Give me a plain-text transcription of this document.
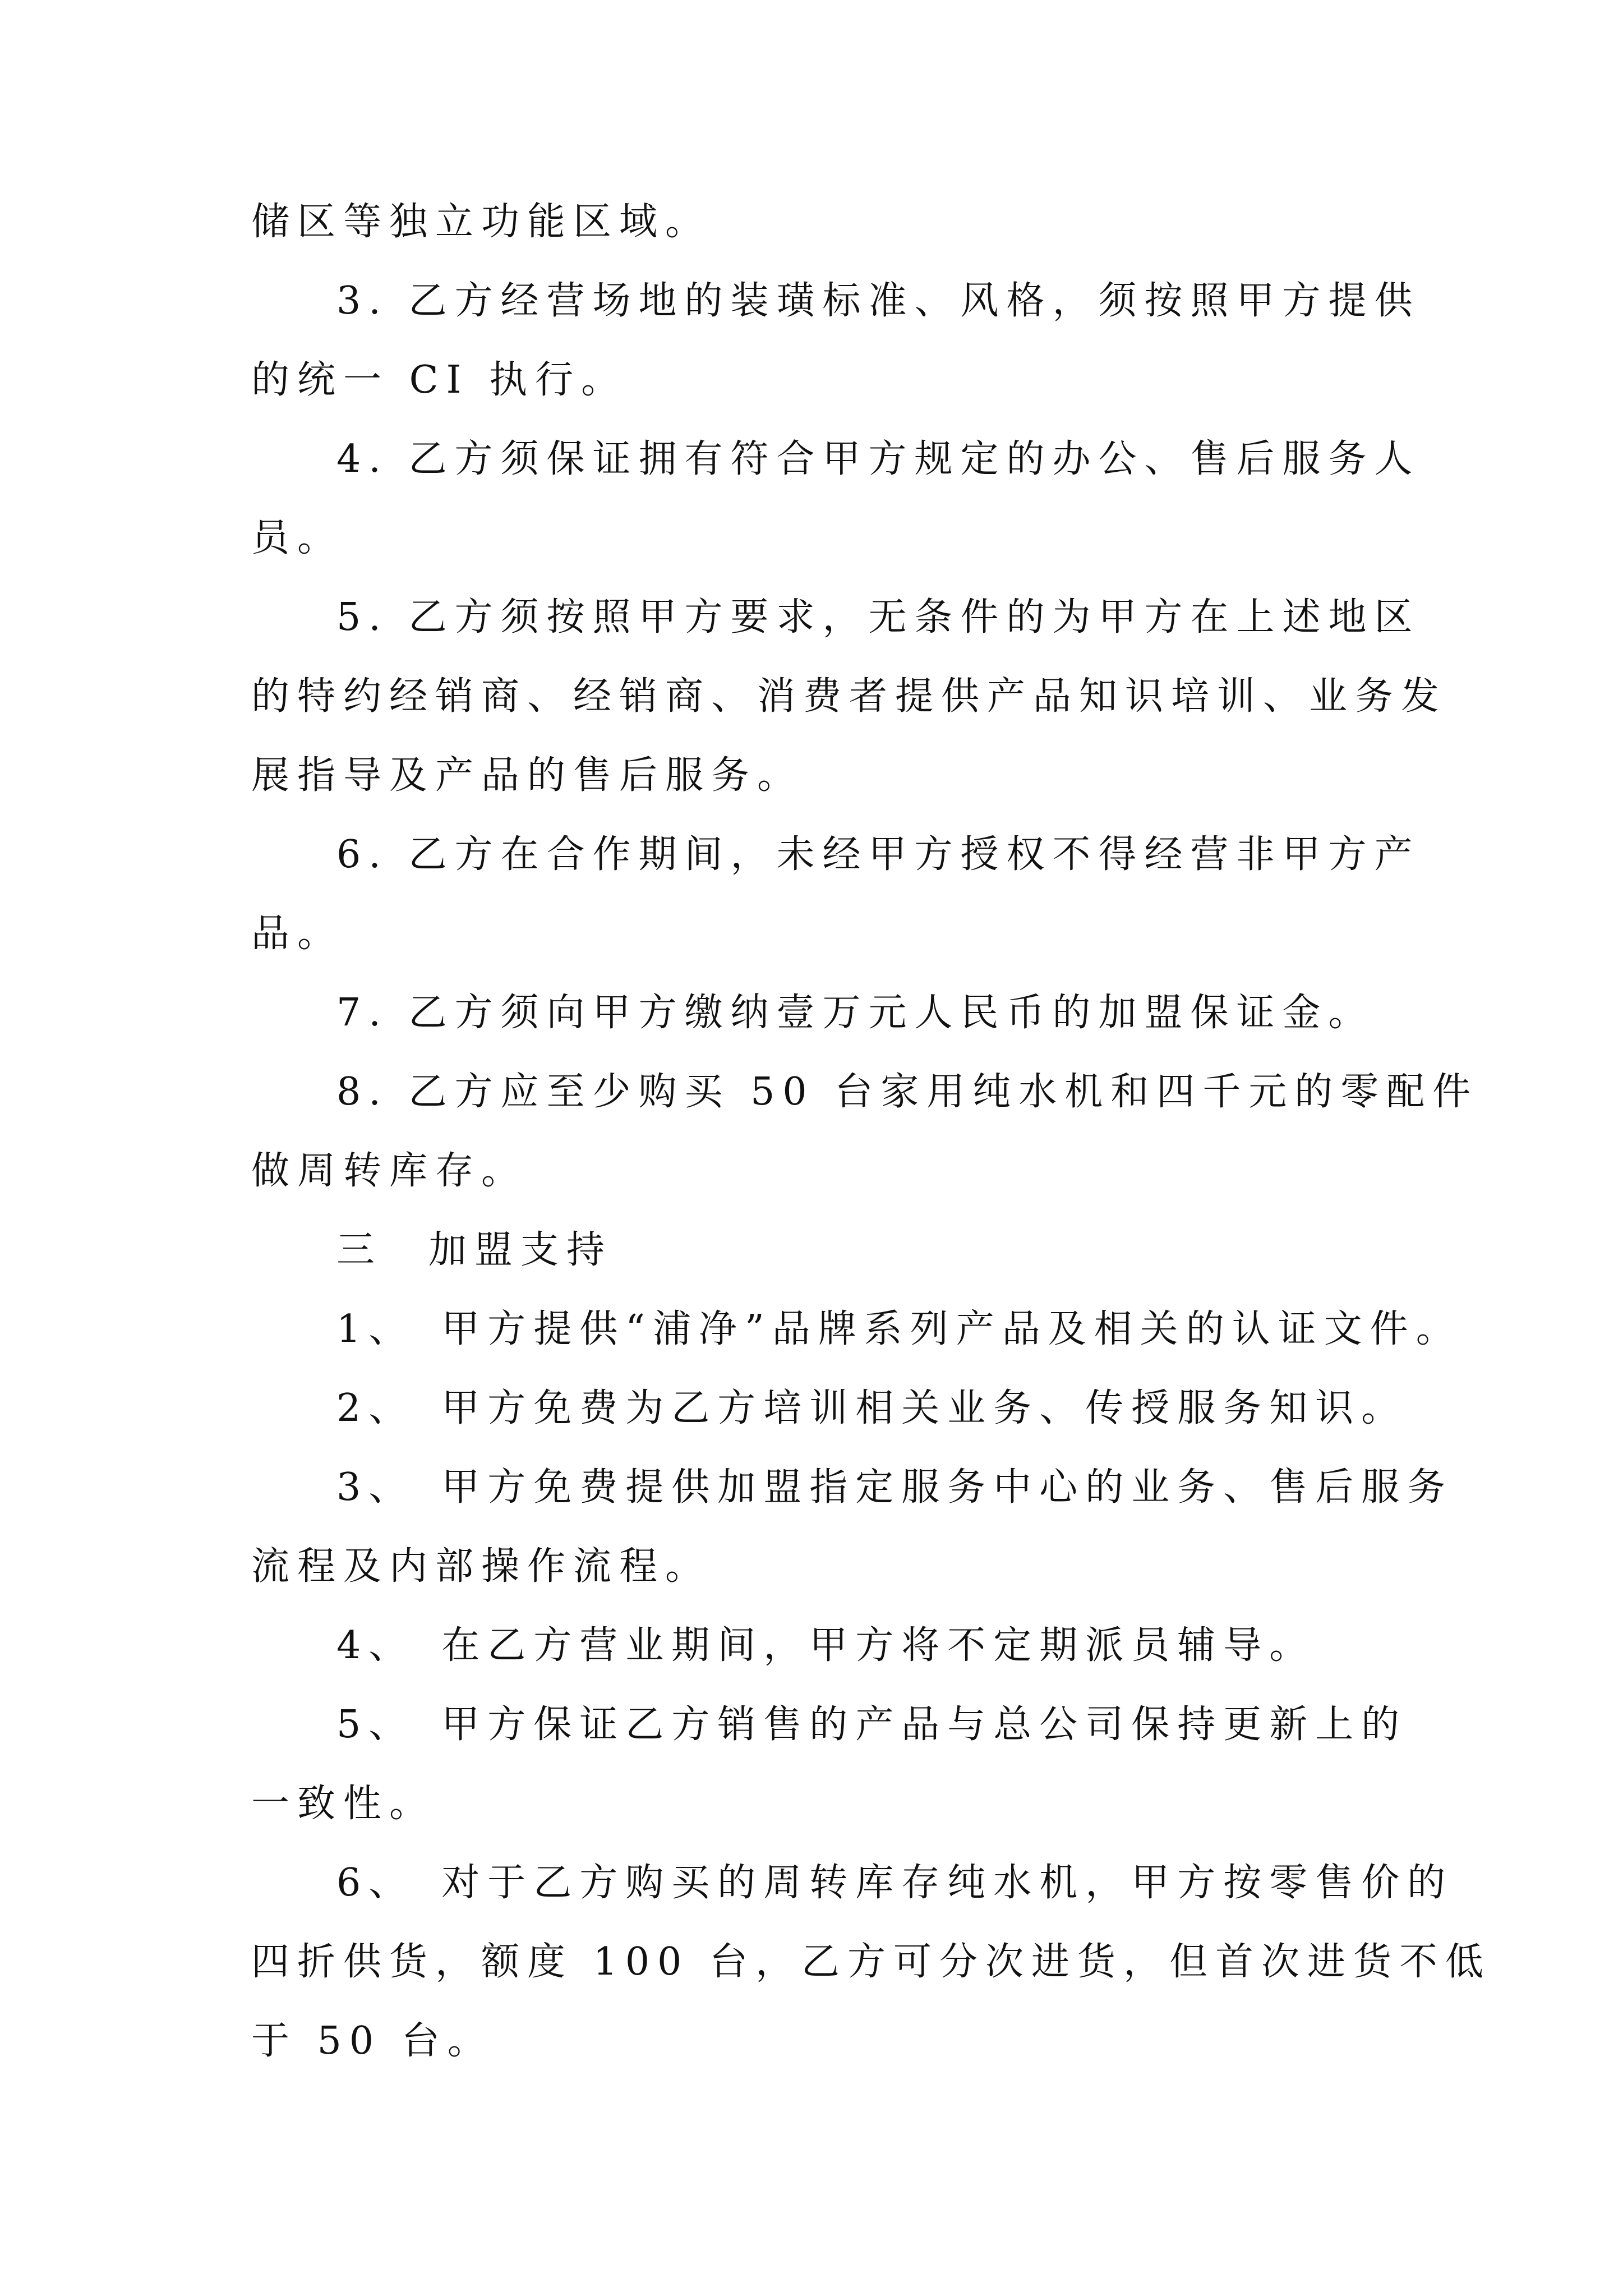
储区等独立功能区域。
3. 乙方经营场地的装璜标准、风格，须按照甲方提供
的统一 CI 执行。
4. 乙方须保证拥有符合甲方规定的办公、售后服务人
员。
5. 乙方须按照甲方要求，无条件的为甲方在上述地区
的特约经销商、经销商、消费者提供产品知识培训、业务发
展指导及产品的售后服务。
6. 乙方在合作期间，未经甲方授权不得经营非甲方产
品。
7. 乙方须向甲方缴纳壹万元人民币的加盟保证金。
8. 乙方应至少购买 50 台家用纯水机和四千元的零配件
做周转库存。
三　加盟支持
1、　甲方提供“浦净”品牌系列产品及相关的认证文件。
2、　甲方免费为乙方培训相关业务、传授服务知识。
3、　甲方免费提供加盟指定服务中心的业务、售后服务
流程及内部操作流程。
4、　在乙方营业期间，甲方将不定期派员辅导。
5、　甲方保证乙方销售的产品与总公司保持更新上的
一致性。
6、　对于乙方购买的周转库存纯水机，甲方按零售价的
四折供货，额度 100 台，乙方可分次进货，但首次进货不低
于 50 台。
